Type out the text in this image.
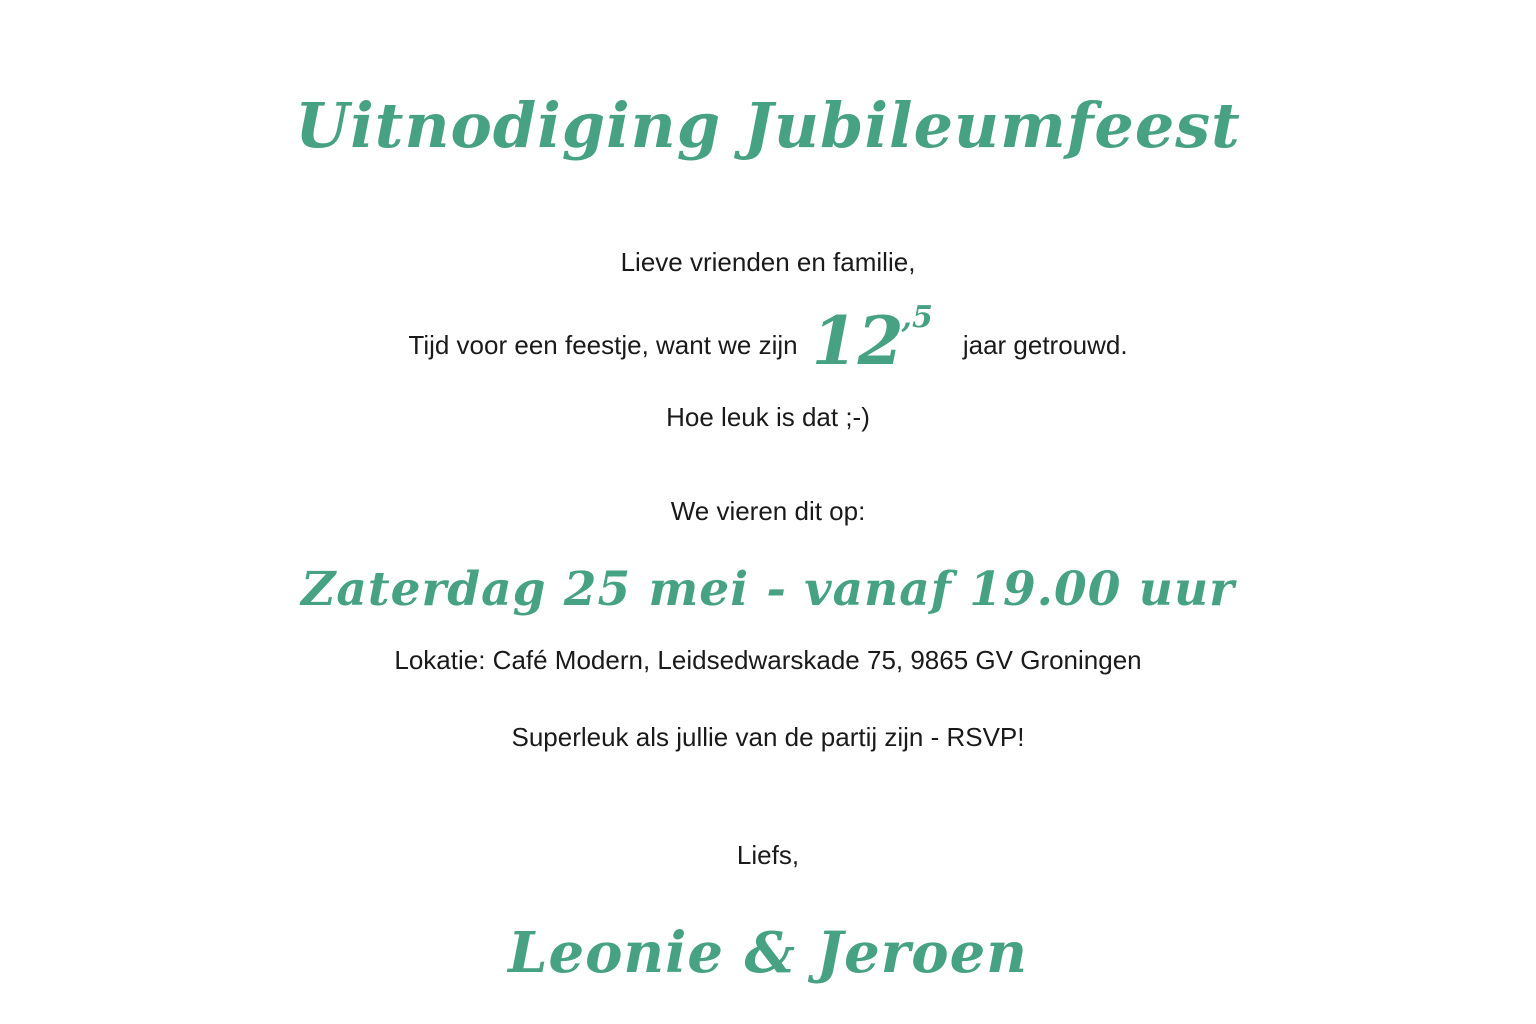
Uitnodiging Jubileumfeest

Lieve vrienden en familie,

Tijd voor een feestje, want we zijn $12^{,5}$
jaar getrouwd.

Hoe leuk is dat ;-)

We vieren dit op:

Zaterdag 25 mei - vanaf 19.00 uur

Lokatie: Café Modern, Leidsedwarskade 75, 9865 GV Groningen

Superleuk als jullie van de partij zijn - RSVP!

Liefs,

Leonie & Jeroen
